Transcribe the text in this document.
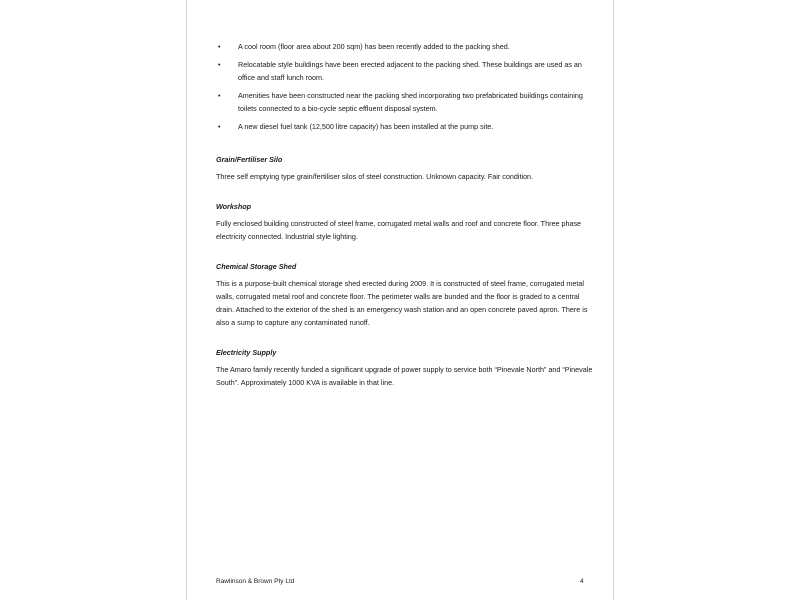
• A cool room (floor area about 200 sqm) has been recently added to the packing shed.
• Relocatable style buildings have been erected adjacent to the packing shed. These buildings are used as an office and staff lunch room.
• Amenities have been constructed near the packing shed incorporating two prefabricated buildings containing toilets connected to a bio-cycle septic effluent disposal system.
• A new diesel fuel tank (12,500 litre capacity) has been installed at the pump site.
Grain/Fertiliser Silo

Three self emptying type grain/fertiliser silos of steel construction. Unknown capacity. Fair condition.

Workshop

Fully enclosed building constructed of steel frame, corrugated metal walls and roof and concrete floor. Three phase electricity connected. Industrial style lighting.

Chemical Storage Shed

This is a purpose-built chemical storage shed erected during 2009. It is constructed of steel frame, corrugated metal walls, corrugated metal roof and concrete floor. The perimeter walls are bunded and the floor is graded to a central drain. Attached to the exterior of the shed is an emergency wash station and an open concrete paved apron. There is also a sump to capture any contaminated runoff.

Electricity Supply

The Amaro family recently funded a significant upgrade of power supply to service both “Pinevale North” and “Pinevale South”. Approximately 1000 KVA is available in that line.

Rawlinson & Brown Pty Ltd	4
